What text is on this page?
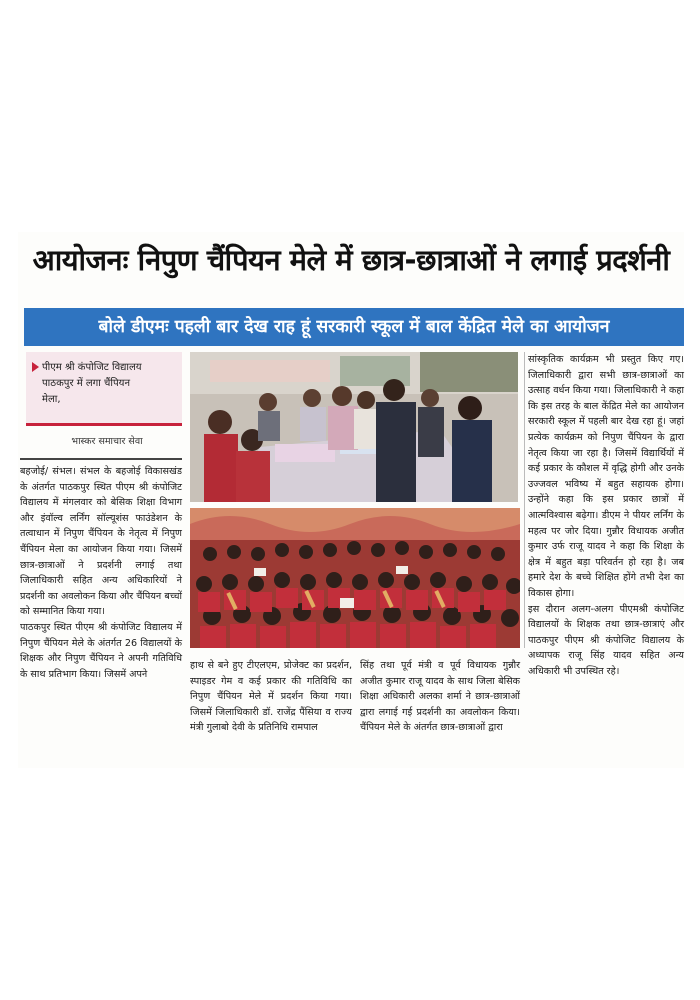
आयोजनः निपुण चैंपियन मेले में छात्र-छात्राओं ने लगाई प्रदर्शनी
बोले डीएमः पहली बार देख राह हूं सरकारी स्कूल में बाल केंद्रित मेले का आयोजन
पीएम श्री कंपोजिट विद्यालय
पाठकपुर में लगा चैंपियन
मेला,
भास्कर समाचार सेवा

बहजोई/ संभल। संभल के बहजोई विकासखंड के अंतर्गत पाठकपुर स्थित पीएम श्री कंपोजिट विद्यालय में मंगलवार को बेसिक शिक्षा विभाग और इंवॉल्व लर्निंग सॉल्यूशंस फाउंडेशन के तत्वाधान में निपुण चैंपियन के नेतृत्व में निपुण चैंपियन मेला का आयोजन किया गया। जिसमें छात्र-छात्राओं ने प्रदर्शनी लगाई तथा जिलाधिकारी सहित अन्य अधिकारियों ने प्रदर्शनी का अवलोकन किया और चैंपियन बच्चों को सम्मानित किया गया।

पाठकपुर स्थित पीएम श्री कंपोजिट विद्यालय में निपुण चैंपियन मेले के अंतर्गत 26 विद्यालयों के शिक्षक और निपुण चैंपियन ने अपनी गतिविधि के साथ प्रतिभाग किया। जिसमें अपने

हाथ से बने हुए टीएलएम, प्रोजेक्ट का प्रदर्शन, स्पाइडर गेम व कई प्रकार की गतिविधि का निपुण चैंपियन मेले में प्रदर्शन किया गया। जिसमें जिलाधिकारी डॉ. राजेंद्र पैंसिया व राज्य मंत्री गुलाबो देवी के प्रतिनिधि रामपाल

सिंह तथा पूर्व मंत्री व पूर्व विधायक गुन्नौर अजीत कुमार राजू यादव के साथ जिला बेसिक शिक्षा अधिकारी अलका शर्मा ने छात्र-छात्राओं द्वारा लगाई गई प्रदर्शनी का अवलोकन किया। चैंपियन मेले के अंतर्गत छात्र-छात्राओं द्वारा

सांस्कृतिक कार्यक्रम भी प्रस्तुत किए गए। जिलाधिकारी द्वारा सभी छात्र-छात्राओं का उत्साह वर्धन किया गया। जिलाधिकारी ने कहा कि इस तरह के बाल केंद्रित मेले का आयोजन सरकारी स्कूल में पहली बार देख रहा हूं। जहां प्रत्येक कार्यक्रम को निपुण चैंपियन के द्वारा नेतृत्व किया जा रहा है। जिसमें विद्यार्थियों में कई प्रकार के कौशल में वृद्धि होगी और उनके उज्जवल भविष्य में बहुत सहायक होगा। उन्होंने कहा कि इस प्रकार छात्रों में आत्मविश्वास बढ़ेगा। डीएम ने पीयर लर्निंग के महत्व पर जोर दिया। गुन्नौर विधायक अजीत कुमार उर्फ राजू यादव ने कहा कि शिक्षा के क्षेत्र में बहुत बड़ा परिवर्तन हो रहा है। जब हमारे देश के बच्चे शिक्षित होंगे तभी देश का विकास होगा।

इस दौरान अलग-अलग पीएमश्री कंपोजिट विद्यालयों के शिक्षक तथा छात्र-छात्राएं और पाठकपुर पीएम श्री कंपोजिट विद्यालय के अध्यापक राजू सिंह यादव सहित अन्य अधिकारी भी उपस्थित रहे।
